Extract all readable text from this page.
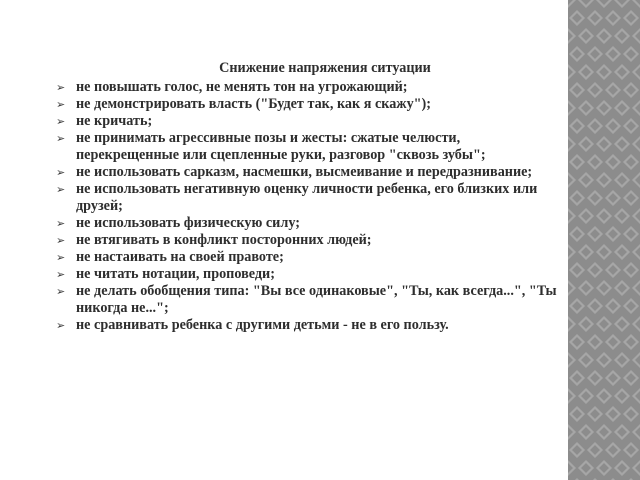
Снижение напряжения ситуации
➢ не повышать голос, не менять тон на угрожающий;
➢ не демонстрировать власть ("Будет так, как я скажу");
➢ не кричать;
➢ не принимать агрессивные позы и жесты: сжатые челюсти, перекрещенные или сцепленные руки, разговор "сквозь зубы";
➢ не использовать сарказм, насмешки, высмеивание и передразнивание;
➢ не использовать негативную оценку личности ребенка, его близких или друзей;
➢ не использовать физическую силу;
➢ не втягивать в конфликт посторонних людей;
➢ не настаивать на своей правоте;
➢ не читать нотации, проповеди;
➢ не делать обобщения типа: "Вы все одинаковые", "Ты, как всегда...", "Ты никогда не...";
➢ не сравнивать ребенка с другими детьми - не в его пользу.
